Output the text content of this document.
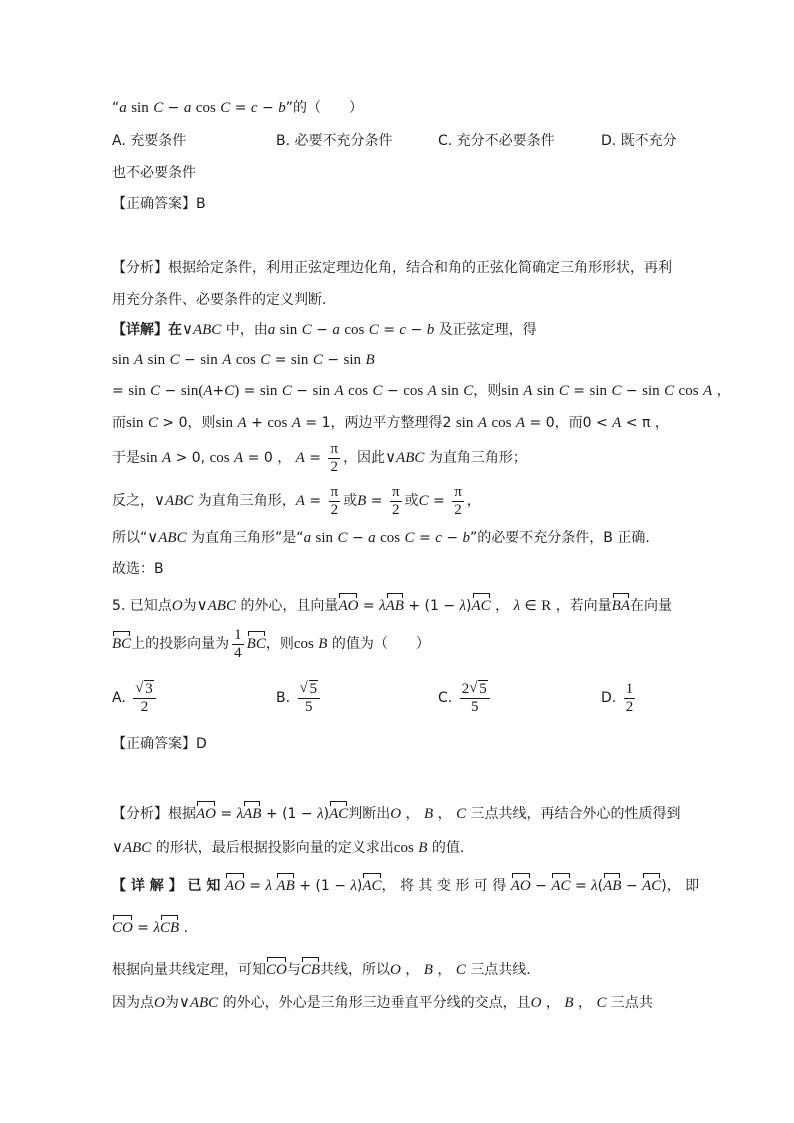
“a sin C − a cos C = c − b”的（　　）
A. 充要条件	B. 必要不充分条件	C. 充分不必要条件	D. 既不充分
也不必要条件
【正确答案】B
【分析】根据给定条件，利用正弦定理边化角，结合和角的正弦化简确定三角形形状，再利
用充分条件、必要条件的定义判断.
【详解】在∨ABC 中，由a sin C − a cos C = c − b 及正弦定理，得
sin A sin C − sin A cos C = sin C − sin B
= sin C − sin(A+C) = sin C − sin A cos C − cos A sin C，则sin A sin C = sin C − sin C cos A ，
而sin C > 0，则sin A + cos A = 1，两边平方整理得2 sin A cos A = 0，而0 < A < π ，
于是sin A > 0, cos A = 0 ， $A = \frac{\pi}{2}$ ，因此∨ABC 为直角三角形；
反之，∨ABC 为直角三角形，$A = \frac{\pi}{2}$ 或$B = \frac{\pi}{2}$ 或$C = \frac{\pi}{2}$ ，
所以“∨ABC 为直角三角形”是“a sin C − a cos C = c − b”的必要不充分条件，B 正确.
故选：B
5. 已知点O为∨ABC 的外心，且向量AO = λAB + (1 − λ)AC ， λ ∈ R ，若向量BA在向量
BC上的投影向量为 $\frac{1}{4}$ BC，则cos B 的值为（　　）
A. √ $\frac{3}{2}$	B. √ $\frac{5}{5}$	C. $\frac{2 √ 5}{5}$	D. $\frac{1}{2}$
【正确答案】D
【分析】根据AO = λAB + (1 − λ)AC判断出O ， B ， C 三点共线，再结合外心的性质得到
∨ABC 的形状，最后根据投影向量的定义求出cos B 的值.
【 详 解 】 已 知 AO = λ AB + (1 − λ)AC， 将 其 变 形 可 得 AO − AC = λ(AB − AC)， 即
CO = λCB .
根据向量共线定理，可知CO与CB共线，所以O ， B ， C 三点共线.
因为点O为∨ABC 的外心，外心是三角形三边垂直平分线的交点，且O ， B ， C 三点共
